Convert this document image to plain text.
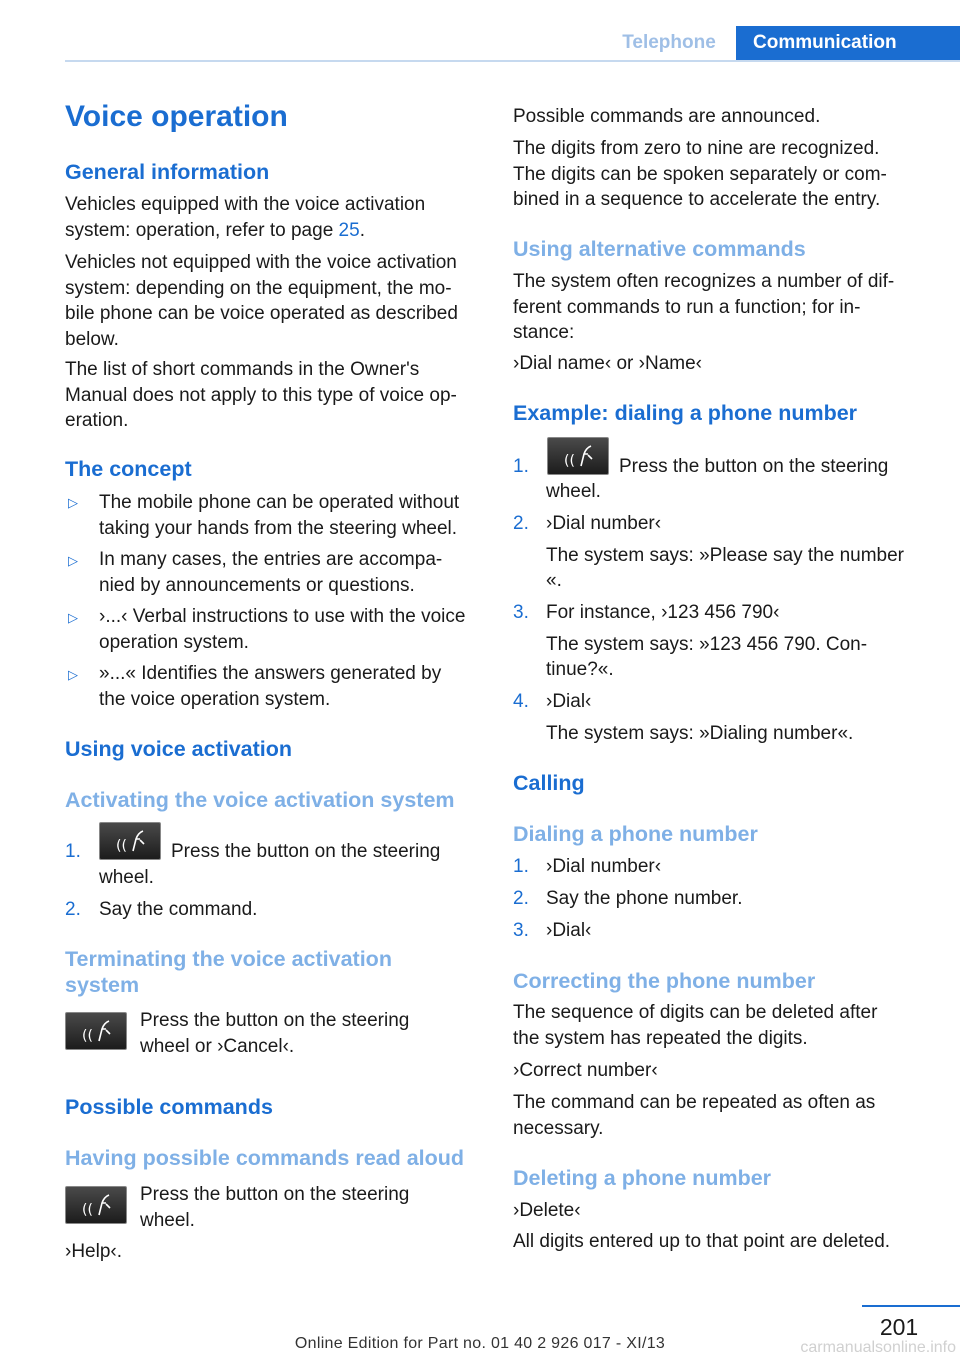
Telephone	Communication
Voice operation
General information
Vehicles equipped with the voice activation
system: operation, refer to page 25.
Vehicles not equipped with the voice activation
system: depending on the equipment, the mo‐
bile phone can be voice operated as described
below.
The list of short commands in the Owner's
Manual does not apply to this type of voice op‐
eration.
The concept
▷ The mobile phone can be operated without
taking your hands from the steering wheel.
▷ In many cases, the entries are accompa‐
nied by announcements or questions.
▷ ›...‹ Verbal instructions to use with the voice
operation system.
▷ »...« Identifies the answers generated by
the voice operation system.
Using voice activation
Activating the voice activation system
1.	(( Press the button on the steering
wheel.
2. Say the command.
Terminating the voice activation
system
((
Press the button on the steering
wheel or ›Cancel‹.
Possible commands
Having possible commands read aloud
((
Press the button on the steering
wheel.
›Help‹.
Possible commands are announced.
The digits from zero to nine are recognized.
The digits can be spoken separately or com‐
bined in a sequence to accelerate the entry.
Using alternative commands
The system often recognizes a number of dif‐
ferent commands to run a function; for in‐
stance:
›Dial name‹ or ›Name‹
Example: dialing a phone number
1.	(( Press the button on the steering
wheel.
2. ›Dial number‹
The system says: »Please say the number
«.
3. For instance, ›123 456 790‹
The system says: »123 456 790. Con‐
tinue?«.
4. ›Dial‹
The system says: »Dialing number«.
Calling
Dialing a phone number
1. ›Dial number‹
2. Say the phone number.
3. ›Dial‹
Correcting the phone number
The sequence of digits can be deleted after
the system has repeated the digits.
›Correct number‹
The command can be repeated as often as
necessary.
Deleting a phone number
›Delete‹
All digits entered up to that point are deleted.
201
Online Edition for Part no. 01 40 2 926 017 - XI/13	carmanualsonline.info
